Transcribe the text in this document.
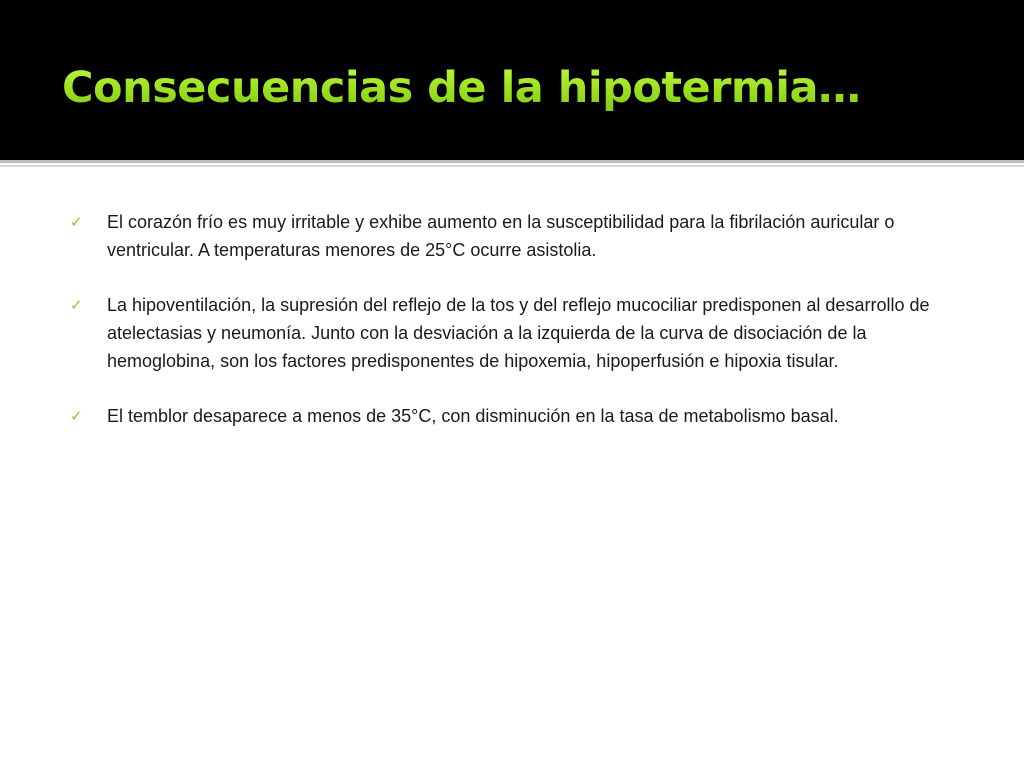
Consecuencias de la hipotermia…
✓ El corazón frío es muy irritable y exhibe aumento en la susceptibilidad para la fibrilación auricular o ventricular. A temperaturas menores de 25°C ocurre asistolia.
✓ La hipoventilación, la supresión del reflejo de la tos y del reflejo mucociliar predisponen al desarrollo de atelectasias y neumonía. Junto con la desviación a la izquierda de la curva de disociación de la hemoglobina, son los factores predisponentes de hipoxemia, hipoperfusión e hipoxia tisular.
✓ El temblor desaparece a menos de 35°C, con disminución en la tasa de metabolismo basal.
